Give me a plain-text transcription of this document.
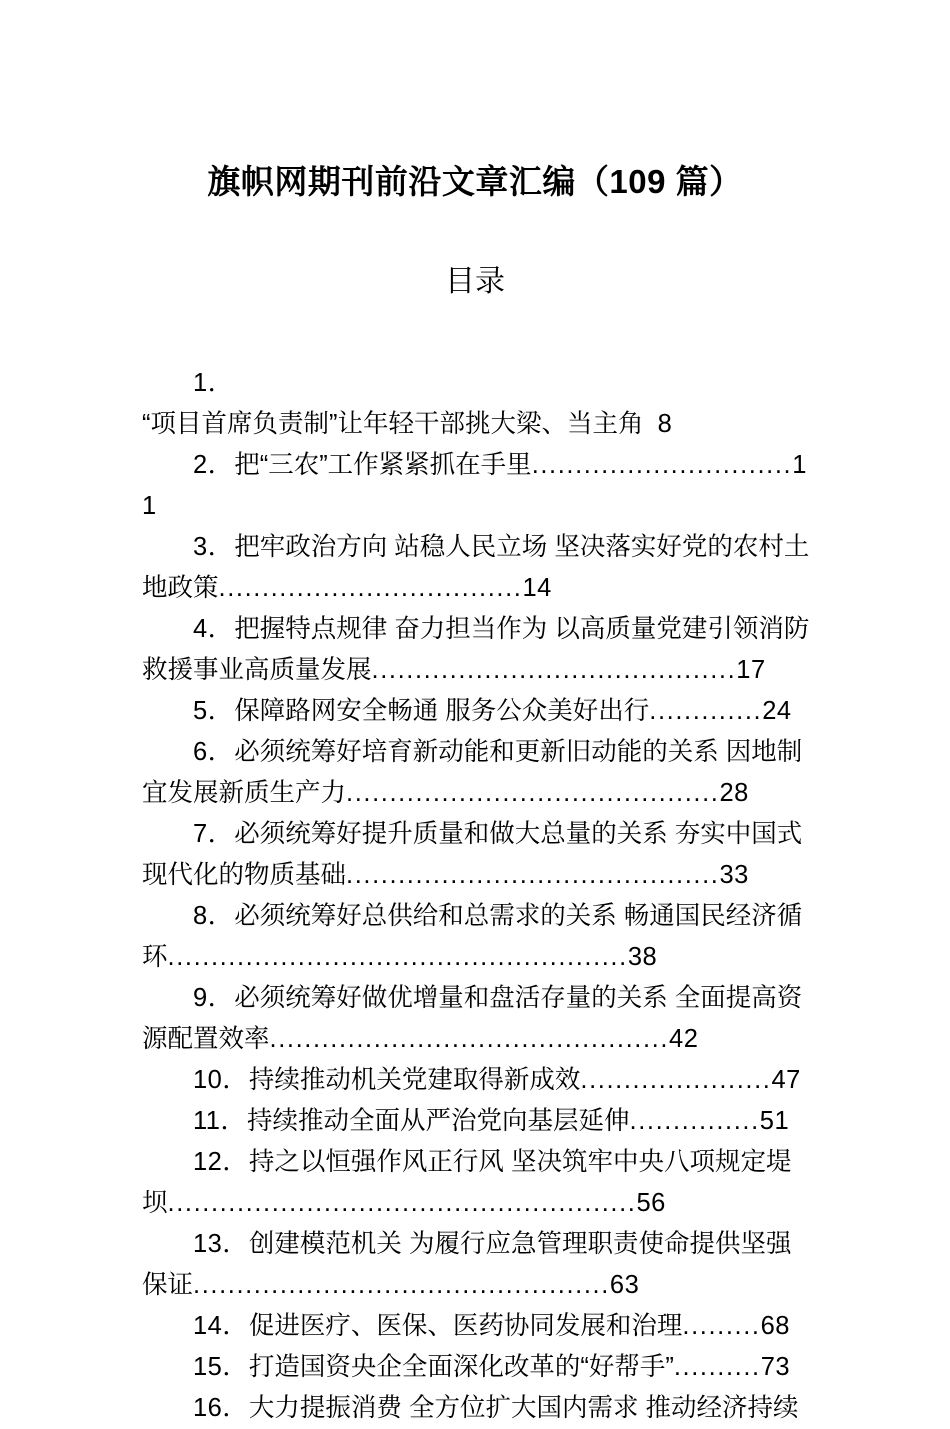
旗帜网期刊前沿文章汇编（109 篇）
目录
1．
“项目首席负责制”让年轻干部挑大梁、当主角 8
2．把“三农”工作紧紧抓在手里..............................11
3．把牢政治方向 站稳人民立场 坚决落实好党的农村土地政策...................................14
4．把握特点规律 奋力担当作为 以高质量党建引领消防救援事业高质量发展..........................................17
5．保障路网安全畅通 服务公众美好出行.............24
6．必须统筹好培育新动能和更新旧动能的关系 因地制宜发展新质生产力...........................................28
7．必须统筹好提升质量和做大总量的关系 夯实中国式现代化的物质基础...........................................33
8．必须统筹好总供给和总需求的关系 畅通国民经济循环.....................................................38
9．必须统筹好做优增量和盘活存量的关系 全面提高资源配置效率..............................................42
10．持续推动机关党建取得新成效......................47
11．持续推动全面从严治党向基层延伸...............51
12．持之以恒强作风正行风 坚决筑牢中央八项规定堤坝......................................................56
13．创建模范机关 为履行应急管理职责使命提供坚强保证................................................63
14．促进医疗、医保、医药协同发展和治理.........68
15．打造国资央企全面深化改革的“好帮手”..........73
16．大力提振消费 全方位扩大国内需求 推动经济持续
